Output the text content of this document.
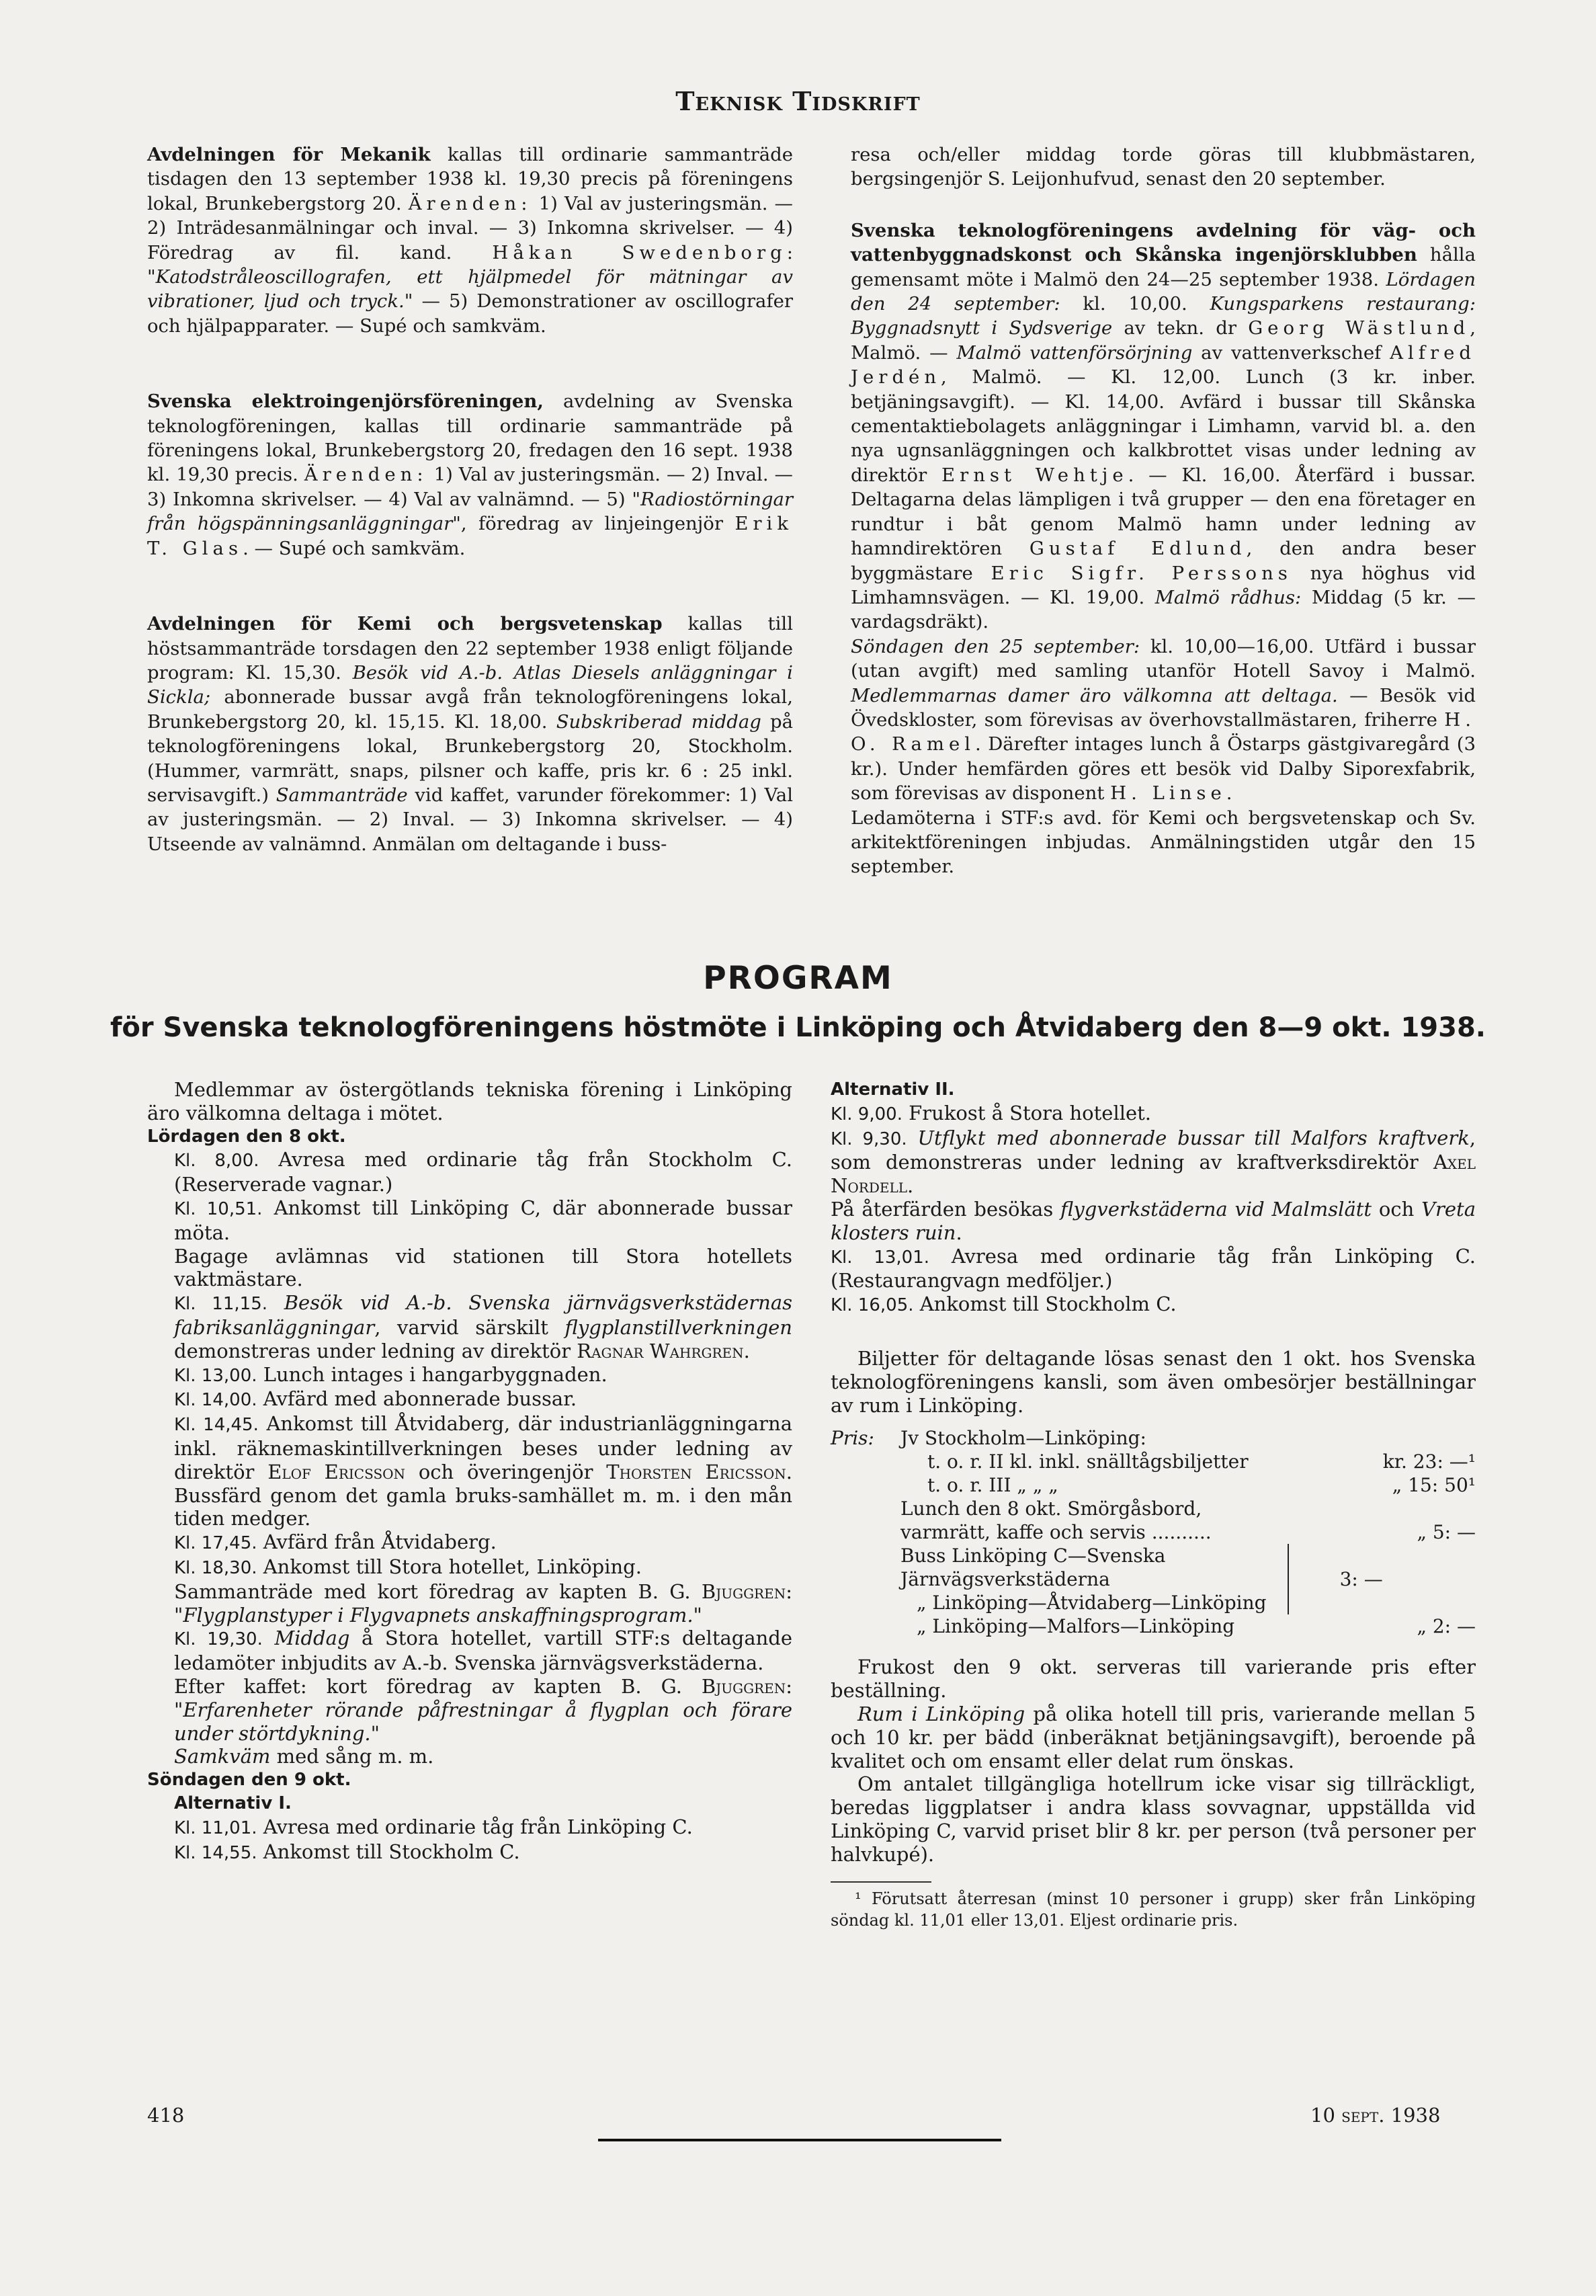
Teknisk Tidskrift

Avdelningen för Mekanik kallas till ordinarie sammanträde tisdagen den 13 september 1938 kl. 19,30 precis på föreningens lokal, Brunkebergstorg 20. Ärenden: 1) Val av justeringsmän. — 2) Inträdesanmälningar och inval. — 3) Inkomna skrivelser. — 4) Föredrag av fil. kand. Håkan Swedenborg: "Katodstråleoscillografen, ett hjälpmedel för mätningar av vibrationer, ljud och tryck." — 5) Demonstrationer av oscillografer och hjälpapparater. — Supé och samkväm.

Svenska elektroingenjörsföreningen, avdelning av Svenska teknologföreningen, kallas till ordinarie sammanträde på föreningens lokal, Brunkebergstorg 20, fredagen den 16 sept. 1938 kl. 19,30 precis. Ärenden: 1) Val av justeringsmän. — 2) Inval. — 3) Inkomna skrivelser. — 4) Val av valnämnd. — 5) "Radiostörningar från högspänningsanläggningar", föredrag av linjeingenjör Erik T. Glas. — Supé och samkväm.

Avdelningen för Kemi och bergsvetenskap kallas till höstsammanträde torsdagen den 22 september 1938 enligt följande program: Kl. 15,30. Besök vid A.-b. Atlas Diesels anläggningar i Sickla; abonnerade bussar avgå från teknologföreningens lokal, Brunkebergstorg 20, kl. 15,15. Kl. 18,00. Subskriberad middag på teknologföreningens lokal, Brunkebergstorg 20, Stockholm. (Hummer, varmrätt, snaps, pilsner och kaffe, pris kr. 6 : 25 inkl. servisavgift.) Sammanträde vid kaffet, varunder förekommer: 1) Val av justeringsmän. — 2) Inval. — 3) Inkomna skrivelser. — 4) Utseende av valnämnd. Anmälan om deltagande i buss-

resa och/eller middag torde göras till klubbmästaren, bergsingenjör S. Leijonhufvud, senast den 20 september.

Svenska teknologföreningens avdelning för väg- och vattenbyggnadskonst och Skånska ingenjörsklubben hålla gemensamt möte i Malmö den 24—25 september 1938. Lördagen den 24 september: kl. 10,00. Kungsparkens restaurang: Byggnadsnytt i Sydsverige av tekn. dr Georg Wästlund, Malmö. — Malmö vattenförsörjning av vattenverkschef Alfred Jerdén, Malmö. — Kl. 12,00. Lunch (3 kr. inber. betjäningsavgift). — Kl. 14,00. Avfärd i bussar till Skånska cementaktiebolagets anläggningar i Limhamn, varvid bl. a. den nya ugnsanläggningen och kalkbrottet visas under ledning av direktör Ernst Wehtje. — Kl. 16,00. Återfärd i bussar. Deltagarna delas lämpligen i två grupper — den ena företager en rundtur i båt genom Malmö hamn under ledning av hamndirektören Gustaf Edlund, den andra beser byggmästare Eric Sigfr. Perssons nya höghus vid Limhamnsvägen. — Kl. 19,00. Malmö rådhus: Middag (5 kr. — vardagsdräkt).

Söndagen den 25 september: kl. 10,00—16,00. Utfärd i bussar (utan avgift) med samling utanför Hotell Savoy i Malmö. Medlemmarnas damer äro välkomna att deltaga. — Besök vid Övedskloster, som förevisas av överhovstallmästaren, friherre H. O. Ramel. Därefter intages lunch å Östarps gästgivaregård (3 kr.). Under hemfärden göres ett besök vid Dalby Siporexfabrik, som förevisas av disponent H. Linse.

Ledamöterna i STF:s avd. för Kemi och bergsvetenskap och Sv. arkitektföreningen inbjudas. Anmälningstiden utgår den 15 september.

PROGRAM
för Svenska teknologföreningens höstmöte i Linköping och Åtvidaberg den 8—9 okt. 1938.

Medlemmar av östergötlands tekniska förening i Linköping äro välkomna deltaga i mötet.

Lördagen den 8 okt.

Kl. 8,00. Avresa med ordinarie tåg från Stockholm C. (Reserverade vagnar.)

Kl. 10,51. Ankomst till Linköping C, där abonnerade bussar möta.

Bagage avlämnas vid stationen till Stora hotellets vaktmästare.

Kl. 11,15. Besök vid A.-b. Svenska järnvägsverkstädernas fabriksanläggningar, varvid särskilt flygplanstillverkningen demonstreras under ledning av direktör Ragnar Wahrgren.

Kl. 13,00. Lunch intages i hangarbyggnaden.

Kl. 14,00. Avfärd med abonnerade bussar.

Kl. 14,45. Ankomst till Åtvidaberg, där industrianläggningarna inkl. räknemaskintillverkningen beses under ledning av direktör Elof Ericsson och överingenjör Thorsten Ericsson. Bussfärd genom det gamla bruks-samhället m. m. i den mån tiden medger.

Kl. 17,45. Avfärd från Åtvidaberg.

Kl. 18,30. Ankomst till Stora hotellet, Linköping.

Sammanträde med kort föredrag av kapten B. G. Bjuggren: "Flygplanstyper i Flygvapnets anskaffningsprogram."

Kl. 19,30. Middag å Stora hotellet, vartill STF:s deltagande ledamöter inbjudits av A.-b. Svenska järnvägsverkstäderna.

Efter kaffet: kort föredrag av kapten B. G. Bjuggren: "Erfarenheter rörande påfrestningar å flygplan och förare under störtdykning."

Samkväm med sång m. m.

Söndagen den 9 okt.

Alternativ I.

Kl. 11,01. Avresa med ordinarie tåg från Linköping C.

Kl. 14,55. Ankomst till Stockholm C.

Alternativ II.

Kl. 9,00. Frukost å Stora hotellet.

Kl. 9,30. Utflykt med abonnerade bussar till Malfors kraftverk, som demonstreras under ledning av kraftverksdirektör Axel Nordell.

På återfärden besökas flygverkstäderna vid Malmslätt och Vreta klosters ruin.

Kl. 13,01. Avresa med ordinarie tåg från Linköping C. (Restaurangvagn medföljer.)

Kl. 16,05. Ankomst till Stockholm C.

Biljetter för deltagande lösas senast den 1 okt. hos Svenska teknologföreningens kansli, som även ombesörjer beställningar av rum i Linköping.

Pris:	Jv Stockholm—Linköping:		
	t. o. r. II kl. inkl. snälltågsbiljetter		kr. 23: —¹
	t. o. r. III „ „ „		„ 15: 50¹
	Lunch den 8 okt. Smörgåsbord, varmrätt, kaffe och servis ..........		„ 5: —
	Buss Linköping C—Svenska Järnvägsverkstäderna	3: —	
	„ Linköping—Åtvidaberg—Linköping		
	„ Linköping—Malfors—Linköping		„ 2: —

Frukost den 9 okt. serveras till varierande pris efter beställning.

Rum i Linköping på olika hotell till pris, varierande mellan 5 och 10 kr. per bädd (inberäknat betjäningsavgift), beroende på kvalitet och om ensamt eller delat rum önskas.

Om antalet tillgängliga hotellrum icke visar sig tillräckligt, beredas liggplatser i andra klass sovvagnar, uppställda vid Linköping C, varvid priset blir 8 kr. per person (två personer per halvkupé).

¹ Förutsatt återresan (minst 10 personer i grupp) sker från Linköping söndag kl. 11,01 eller 13,01. Eljest ordinarie pris.

418	10 sept. 1938
